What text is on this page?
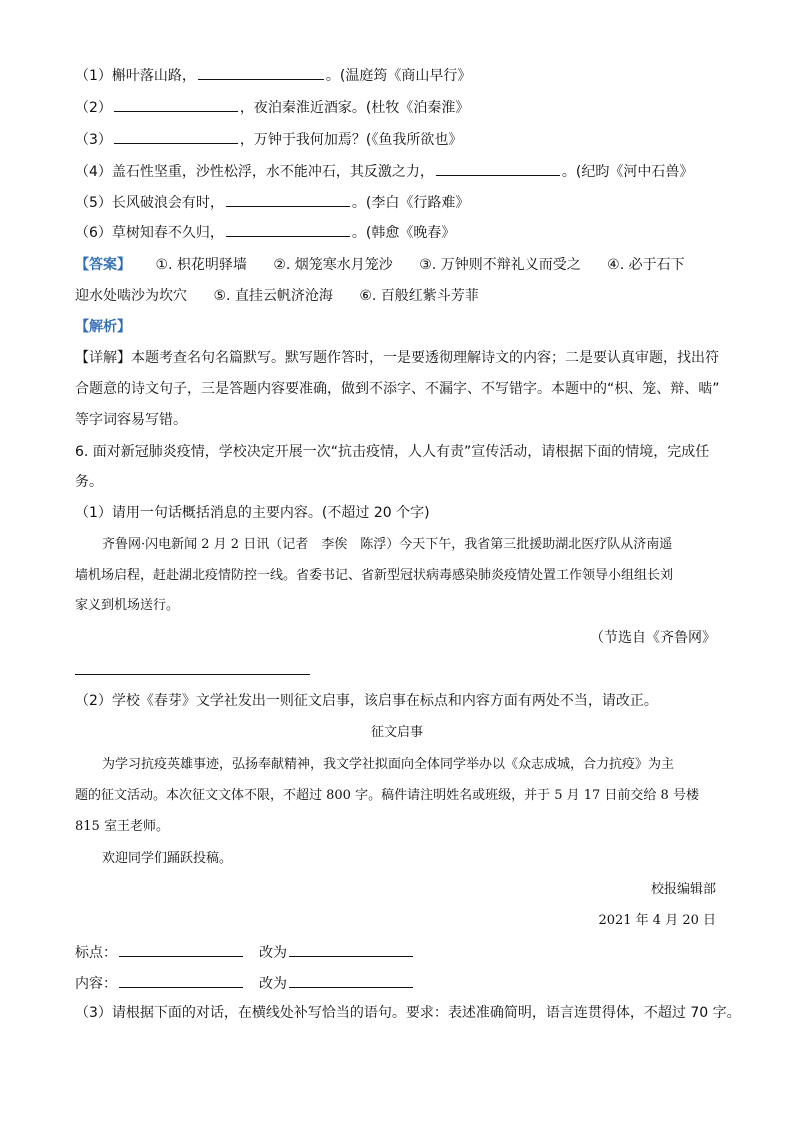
（1）槲叶落山路，	。(温庭筠《商山早行》
（2）	，夜泊秦淮近酒家。(杜牧《泊秦淮》
（3）	，万钟于我何加焉？(《鱼我所欲也》
（4）盖石性坚重，沙性松浮，水不能冲石，其反激之力，	。(纪昀《河中石兽》
（5）长风破浪会有时，	。(李白《行路难》
（6）草树知春不久归，	。(韩愈《晚春》
【答案】 ①. 枳花明驿墙 ②. 烟笼寒水月笼沙 ③. 万钟则不辩礼义而受之 ④. 必于石下
迎水处啮沙为坎穴 ⑤. 直挂云帆济沧海 ⑥. 百般红紫斗芳菲
【解析】
【详解】本题考查名句名篇默写。默写题作答时，一是要透彻理解诗文的内容；二是要认真审题，找出符
合题意的诗文句子，三是答题内容要准确，做到不添字、不漏字、不写错字。本题中的“枳、笼、辩、啮”
等字词容易写错。
6. 面对新冠肺炎疫情，学校决定开展一次“抗击疫情，人人有责”宣传活动，请根据下面的情境，完成任
务。
（1）请用一句话概括消息的主要内容。(不超过 20 个字)
齐鲁网·闪电新闻 2 月 2 日讯（记者　李俟　陈浮）今天下午，我省第三批援助湖北医疗队从济南遥
墙机场启程，赶赴湖北疫情防控一线。省委书记、省新型冠状病毒感染肺炎疫情处置工作领导小组组长刘
家义到机场送行。
（节选自《齐鲁网》
（2）学校《春芽》文学社发出一则征文启事，该启事在标点和内容方面有两处不当，请改正。
征文启事
为学习抗疫英雄事迹，弘扬奉献精神，我文学社拟面向全体同学举办以《众志成城，合力抗疫》为主
题的征文活动。本次征文文体不限，不超过 800 字。稿件请注明姓名或班级，并于 5 月 17 日前交给 8 号楼
815 室王老师。
欢迎同学们踊跃投稿。
校报编辑部
2021 年 4 月 20 日
标点：	改为
内容：	改为
（3）请根据下面的对话，在横线处补写恰当的语句。要求：表述准确简明，语言连贯得体，不超过 70 字。
